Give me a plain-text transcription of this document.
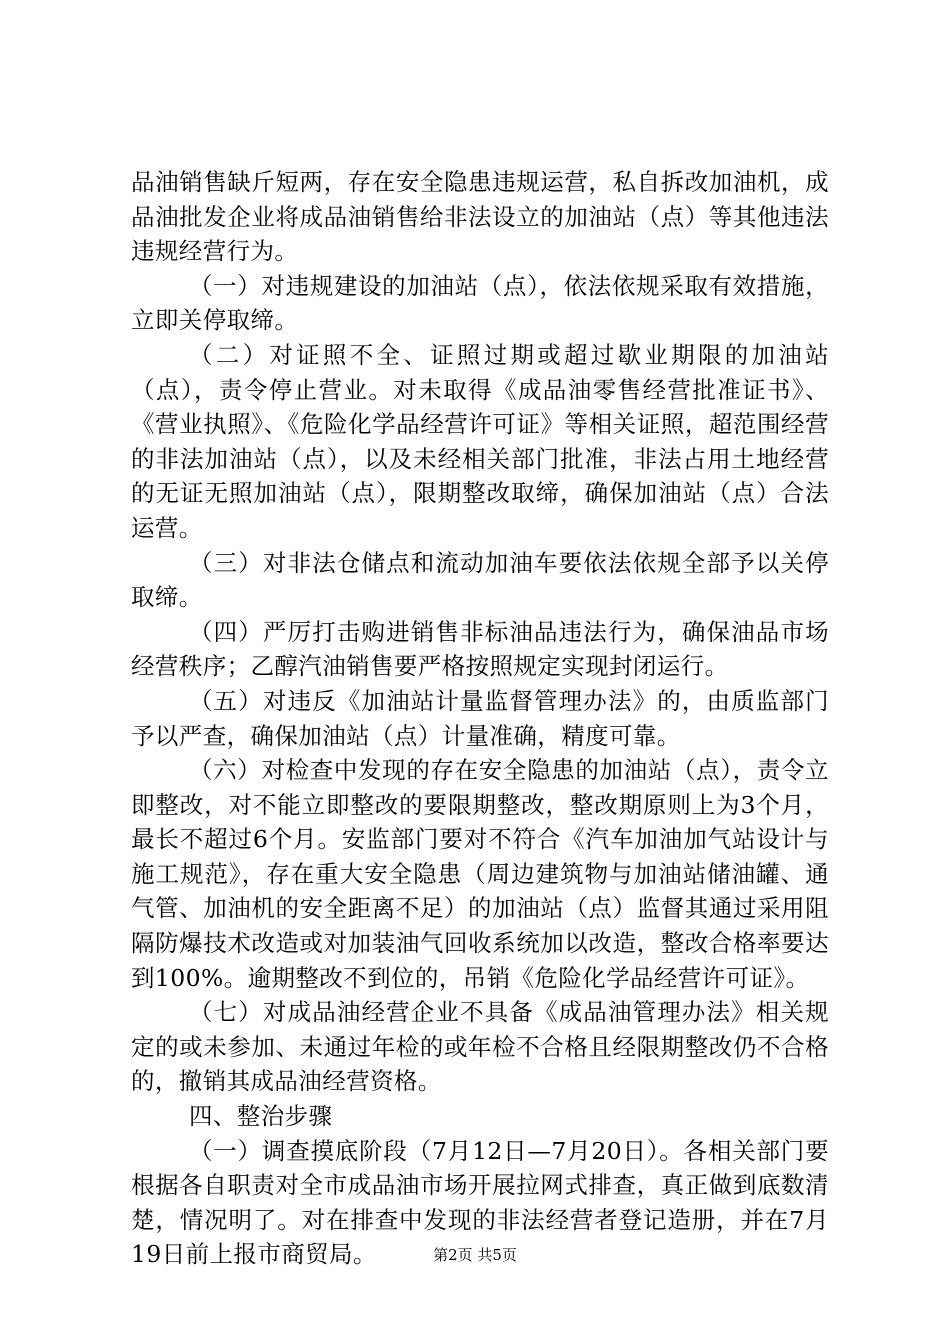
品油销售缺斤短两，存在安全隐患违规运营，私自拆改加油机，成品油批发企业将成品油销售给非法设立的加油站（点）等其他违法违规经营行为。

（一）对违规建设的加油站（点），依法依规采取有效措施，立即关停取缔。

（二）对证照不全、证照过期或超过歇业期限的加油站（点），责令停止营业。对未取得《成品油零售经营批准证书》、《营业执照》、《危险化学品经营许可证》等相关证照，超范围经营的非法加油站（点），以及未经相关部门批准，非法占用土地经营的无证无照加油站（点），限期整改取缔，确保加油站（点）合法运营。

（三）对非法仓储点和流动加油车要依法依规全部予以关停取缔。

（四）严厉打击购进销售非标油品违法行为，确保油品市场经营秩序；乙醇汽油销售要严格按照规定实现封闭运行。

（五）对违反《加油站计量监督管理办法》的，由质监部门予以严查，确保加油站（点）计量准确，精度可靠。

（六）对检查中发现的存在安全隐患的加油站（点），责令立即整改，对不能立即整改的要限期整改，整改期原则上为3个月，最长不超过6个月。安监部门要对不符合《汽车加油加气站设计与施工规范》，存在重大安全隐患（周边建筑物与加油站储油罐、通气管、加油机的安全距离不足）的加油站（点）监督其通过采用阻隔防爆技术改造或对加装油气回收系统加以改造，整改合格率要达到100%。逾期整改不到位的，吊销《危险化学品经营许可证》。

（七）对成品油经营企业不具备《成品油管理办法》相关规定的或未参加、未通过年检的或年检不合格且经限期整改仍不合格的，撤销其成品油经营资格。

四、整治步骤

（一）调查摸底阶段（7月12日—7月20日）。各相关部门要根据各自职责对全市成品油市场开展拉网式排查，真正做到底数清楚，情况明了。对在排查中发现的非法经营者登记造册，并在7月19日前上报市商贸局。	第2页 共5页
